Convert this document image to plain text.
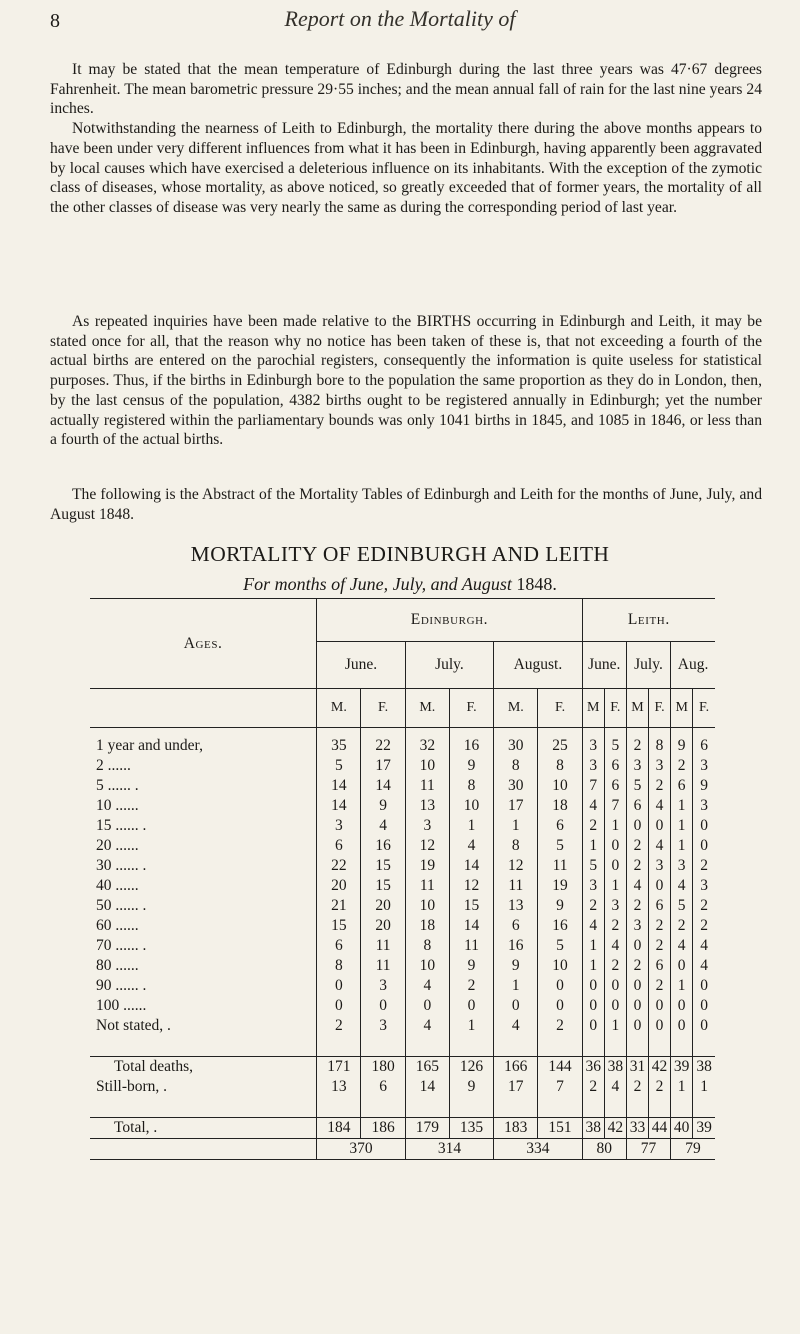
8	Report on the Mortality of

It may be stated that the mean temperature of Edinburgh during the last three years was 47·67 degrees Fahrenheit. The mean barometric pressure 29·55 inches; and the mean annual fall of rain for the last nine years 24 inches.

Notwithstanding the nearness of Leith to Edinburgh, the mortality there during the above months appears to have been under very different influences from what it has been in Edinburgh, having apparently been aggravated by local causes which have exercised a deleterious influence on its inhabitants. With the exception of the zymotic class of diseases, whose mortality, as above noticed, so greatly exceeded that of former years, the mortality of all the other classes of disease was very nearly the same as during the corresponding period of last year.

As repeated inquiries have been made relative to the BIRTHS occurring in Edinburgh and Leith, it may be stated once for all, that the reason why no notice has been taken of these is, that not exceeding a fourth of the actual births are entered on the parochial registers, consequently the information is quite useless for statistical purposes. Thus, if the births in Edinburgh bore to the population the same proportion as they do in London, then, by the last census of the population, 4382 births ought to be registered annually in Edinburgh; yet the number actually registered within the parliamentary bounds was only 1041 births in 1845, and 1085 in 1846, or less than a fourth of the actual births.

The following is the Abstract of the Mortality Tables of Edinburgh and Leith for the months of June, July, and August 1848.

MORTALITY OF EDINBURGH AND LEITH
For months of June, July, and August 1848.
Ages.	Edinburgh.						Leith.					
	June.		July.		August.		June.		July.		Aug.	
	M.	F.	M.	F.	M.	F.	M	F.	M	F.	M	F.

1 year and under,	35	22	32	16	30	25	3	5	2	8	9	6
2 ......	5	17	10	9	8	8	3	6	3	3	2	3
5 ...... .	14	14	11	8	30	10	7	6	5	2	6	9
10 ......	14	9	13	10	17	18	4	7	6	4	1	3
15 ...... .	3	4	3	1	1	6	2	1	0	0	1	0
20 ......	6	16	12	4	8	5	1	0	2	4	1	0
30 ...... .	22	15	19	14	12	11	5	0	2	3	3	2
40 ......	20	15	11	12	11	19	3	1	4	0	4	3
50 ...... .	21	20	10	15	13	9	2	3	2	6	5	2
60 ......	15	20	18	14	6	16	4	2	3	2	2	2
70 ...... .	6	11	8	11	16	5	1	4	0	2	4	4
80 ......	8	11	10	9	9	10	1	2	2	6	0	4
90 ...... .	0	3	4	2	1	0	0	0	0	2	1	0
100 ......	0	0	0	0	0	0	0	0	0	0	0	0
Not stated, .	2	3	4	1	4	2	0	1	0	0	0	0

Total deaths,	171	180	165	126	166	144	36	38	31	42	39	38
Still-born, .	13	6	14	9	17	7	2	4	2	2	1	1

Total, .	184	186	179	135	183	151	38	42	33	44	40	39
	370		314		334		80		77		79	
